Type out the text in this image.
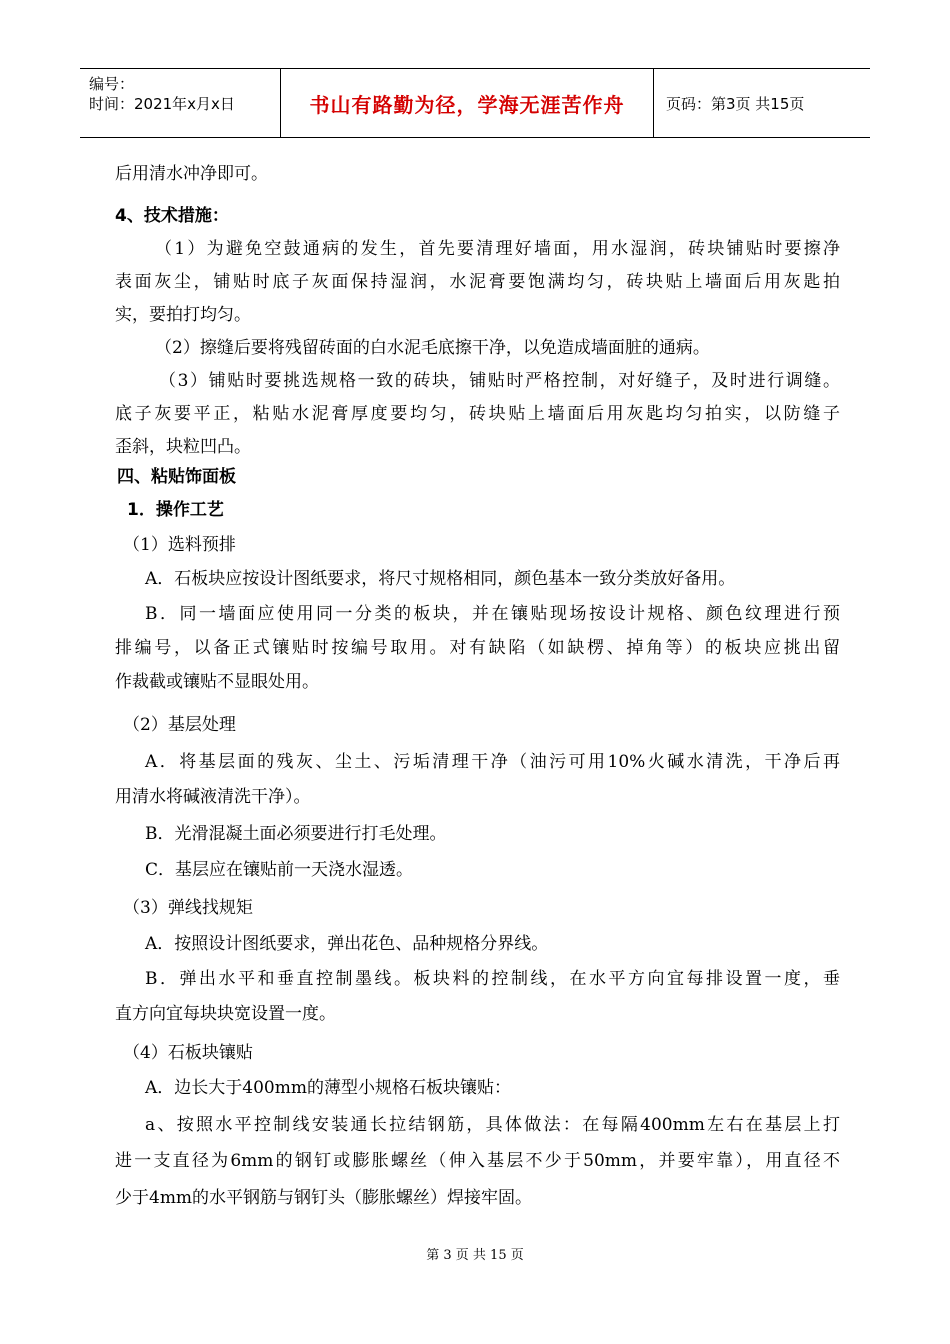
编号：
时间：2021年x月x日	书山有路勤为径，学海无涯苦作舟	页码：第3页 共15页
后用清水冲净即可。
4、技术措施：
（1）为避免空鼓通病的发生，首先要清理好墙面，用水湿润，砖块铺贴时要擦净
表面灰尘，铺贴时底子灰面保持湿润，水泥膏要饱满均匀，砖块贴上墙面后用灰匙拍
实，要拍打均匀。
（2）擦缝后要将残留砖面的白水泥毛底擦干净，以免造成墙面脏的通病。
（3）铺贴时要挑选规格一致的砖块，铺贴时严格控制，对好缝子，及时进行调缝。
底子灰要平正，粘贴水泥膏厚度要均匀，砖块贴上墙面后用灰匙均匀拍实，以防缝子
歪斜，块粒凹凸。
四、粘贴饰面板
1．操作工艺
（1）选料预排
A．石板块应按设计图纸要求，将尺寸规格相同，颜色基本一致分类放好备用。
B．同一墙面应使用同一分类的板块，并在镶贴现场按设计规格、颜色纹理进行预
排编号，以备正式镶贴时按编号取用。对有缺陷（如缺楞、掉角等）的板块应挑出留
作裁截或镶贴不显眼处用。
（2）基层处理
A．将基层面的残灰、尘土、污垢清理干净（油污可用10%火碱水清洗，干净后再
用清水将碱液清洗干净）。
B．光滑混凝土面必须要进行打毛处理。
C．基层应在镶贴前一天浇水湿透。
（3）弹线找规矩
A．按照设计图纸要求，弹出花色、品种规格分界线。
B．弹出水平和垂直控制墨线。板块料的控制线，在水平方向宜每排设置一度，垂
直方向宜每块块宽设置一度。
（4）石板块镶贴
A．边长大于400mm的薄型小规格石板块镶贴：
a、按照水平控制线安装通长拉结钢筋，具体做法：在每隔400mm左右在基层上打
进一支直径为6mm的钢钉或膨胀螺丝（伸入基层不少于50mm，并要牢靠），用直径不
少于4mm的水平钢筋与钢钉头（膨胀螺丝）焊接牢固。
第 3 页 共 15 页
